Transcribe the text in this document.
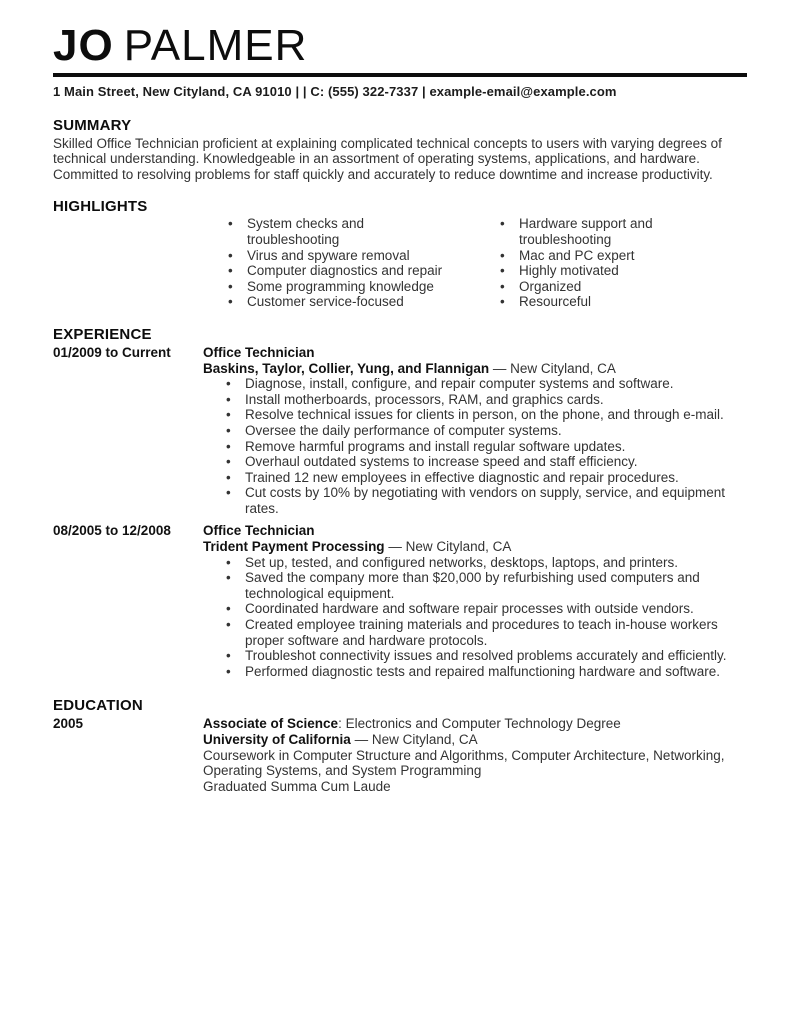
JO PALMER
1 Main Street, New Cityland, CA 91010 | | C: (555) 322-7337 | example-email@example.com
SUMMARY

Skilled Office Technician proficient at explaining complicated technical concepts to users with varying degrees of technical understanding. Knowledgeable in an assortment of operating systems, applications, and hardware. Committed to resolving problems for staff quickly and accurately to reduce downtime and increase productivity.

HIGHLIGHTS
• System checks and troubleshooting
• Virus and spyware removal
• Computer diagnostics and repair
• Some programming knowledge
• Customer service-focused
• Hardware support and troubleshooting
• Mac and PC expert
• Highly motivated
• Organized
• Resourceful
EXPERIENCE
01/2009 to Current	Office Technician
Baskins, Taylor, Collier, Yung, and Flannigan — New Cityland, CA
• Diagnose, install, configure, and repair computer systems and software.
• Install motherboards, processors, RAM, and graphics cards.
• Resolve technical issues for clients in person, on the phone, and through e-mail.
• Oversee the daily performance of computer systems.
• Remove harmful programs and install regular software updates.
• Overhaul outdated systems to increase speed and staff efficiency.
• Trained 12 new employees in effective diagnostic and repair procedures.
• Cut costs by 10% by negotiating with vendors on supply, service, and equipment rates.
08/2005 to 12/2008	Office Technician
Trident Payment Processing — New Cityland, CA
• Set up, tested, and configured networks, desktops, laptops, and printers.
• Saved the company more than $20,000 by refurbishing used computers and technological equipment.
• Coordinated hardware and software repair processes with outside vendors.
• Created employee training materials and procedures to teach in-house workers proper software and hardware protocols.
• Troubleshot connectivity issues and resolved problems accurately and efficiently.
• Performed diagnostic tests and repaired malfunctioning hardware and software.
EDUCATION
2005	Associate of Science: Electronics and Computer Technology Degree
University of California — New Cityland, CA
Coursework in Computer Structure and Algorithms, Computer Architecture, Networking, Operating Systems, and System Programming
Graduated Summa Cum Laude
